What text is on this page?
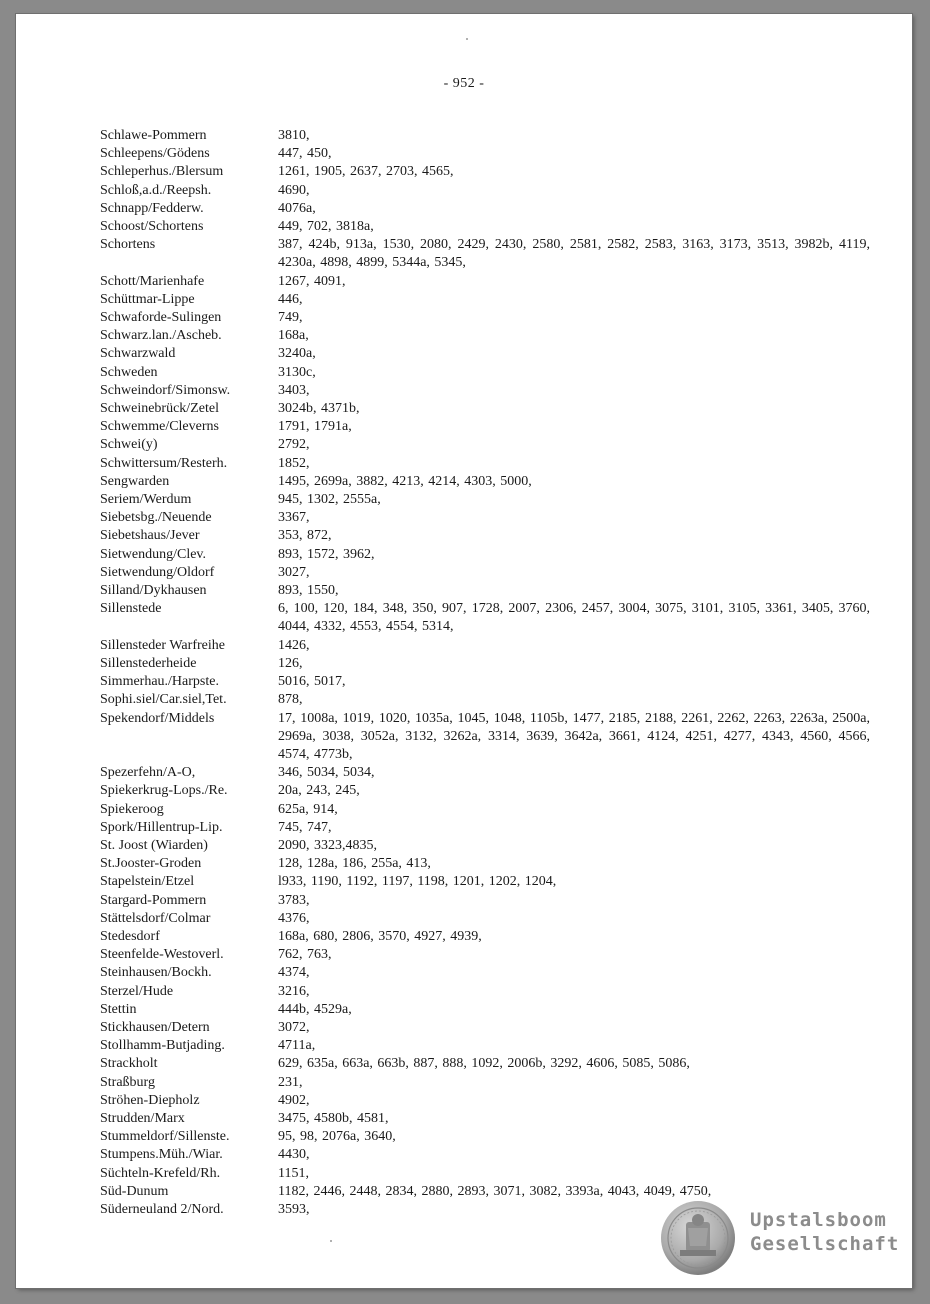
- 952 -
Schlawe-Pommern	3810,
Schleepens/Gödens	447, 450,
Schleperhus./Blersum	1261, 1905, 2637, 2703, 4565,
Schloß,a.d./Reepsh.	4690,
Schnapp/Fedderw.	4076a,
Schoost/Schortens	449, 702, 3818a,
Schortens	387, 424b, 913a, 1530, 2080, 2429, 2430, 2580, 2581, 2582, 2583, 3163, 3173, 3513, 3982b, 4119, 4230a, 4898, 4899, 5344a, 5345,
Schott/Marienhafe	1267, 4091,
Schüttmar-Lippe	446,
Schwaforde-Sulingen	749,
Schwarz.lan./Ascheb.	168a,
Schwarzwald	3240a,
Schweden	3130c,
Schweindorf/Simonsw.	3403,
Schweinebrück/Zetel	3024b, 4371b,
Schwemme/Cleverns	1791, 1791a,
Schwei(y)	2792,
Schwittersum/Resterh.	1852,
Sengwarden	1495, 2699a, 3882, 4213, 4214, 4303, 5000,
Seriem/Werdum	945, 1302, 2555a,
Siebetsbg./Neuende	3367,
Siebetshaus/Jever	353, 872,
Sietwendung/Clev.	893, 1572, 3962,
Sietwendung/Oldorf	3027,
Silland/Dykhausen	893, 1550,
Sillenstede	6, 100, 120, 184, 348, 350, 907, 1728, 2007, 2306, 2457, 3004, 3075, 3101, 3105, 3361, 3405, 3760, 4044, 4332, 4553, 4554, 5314,
Sillensteder Warfreihe	1426,
Sillenstederheide	126,
Simmerhau./Harpste.	5016, 5017,
Sophi.siel/Car.siel,Tet.	878,
Spekendorf/Middels	17, 1008a, 1019, 1020, 1035a, 1045, 1048, 1105b, 1477, 2185, 2188, 2261, 2262, 2263, 2263a, 2500a, 2969a, 3038, 3052a, 3132, 3262a, 3314, 3639, 3642a, 3661, 4124, 4251, 4277, 4343, 4560, 4566, 4574, 4773b,
Spezerfehn/A-O,	346, 5034, 5034,
Spiekerkrug-Lops./Re.	20a, 243, 245,
Spiekeroog	625a, 914,
Spork/Hillentrup-Lip.	745, 747,
St. Joost (Wiarden)	2090, 3323,4835,
St.Jooster-Groden	128, 128a, 186, 255a, 413,
Stapelstein/Etzel	l933, 1190, 1192, 1197, 1198, 1201, 1202, 1204,
Stargard-Pommern	3783,
Stättelsdorf/Colmar	4376,
Stedesdorf	168a, 680, 2806, 3570, 4927, 4939,
Steenfelde-Westoverl.	762, 763,
Steinhausen/Bockh.	4374,
Sterzel/Hude	3216,
Stettin	444b, 4529a,
Stickhausen/Detern	3072,
Stollhamm-Butjading.	4711a,
Strackholt	629, 635a, 663a, 663b, 887, 888, 1092, 2006b, 3292, 4606, 5085, 5086,
Straßburg	231,
Ströhen-Diepholz	4902,
Strudden/Marx	3475, 4580b, 4581,
Stummeldorf/Sillenste.	95, 98, 2076a, 3640,
Stumpens.Müh./Wiar.	4430,
Süchteln-Krefeld/Rh.	1151,
Süd-Dunum	1182, 2446, 2448, 2834, 2880, 2893, 3071, 3082, 3393a, 4043, 4049, 4750,
Süderneuland 2/Nord.	3593,	Upstalsboom
Gesellschaft
